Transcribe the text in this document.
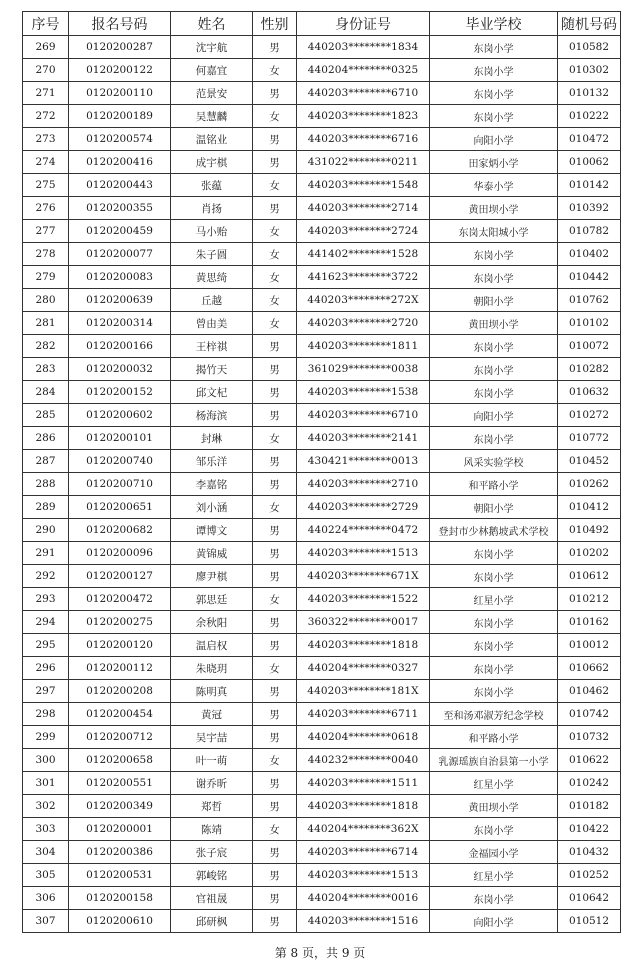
序号	报名号码	姓名	性别	身份证号	毕业学校	随机号码
269	0120200287	沈宇航	男	440203********1834	东岗小学	010582
270	0120200122	何嘉宜	女	440204********0325	东岗小学	010302
271	0120200110	范景安	男	440203********6710	东岗小学	010132
272	0120200189	吴慧麟	女	440203********1823	东岗小学	010222
273	0120200574	温铭业	男	440203********6716	向阳小学	010472
274	0120200416	成宇棋	男	431022********0211	田家炳小学	010062
275	0120200443	张蕴	女	440203********1548	华泰小学	010142
276	0120200355	肖扬	男	440203********2714	黄田坝小学	010392
277	0120200459	马小贻	女	440203********2724	东岗太阳城小学	010782
278	0120200077	朱子圆	女	441402********1528	东岗小学	010402
279	0120200083	黄思绮	女	441623********3722	东岗小学	010442
280	0120200639	丘越	女	440203********272X	朝阳小学	010762
281	0120200314	曾由美	女	440203********2720	黄田坝小学	010102
282	0120200166	王梓祺	男	440203********1811	东岗小学	010072
283	0120200032	揭竹天	男	361029********0038	东岗小学	010282
284	0120200152	邱文杞	男	440203********1538	东岗小学	010632
285	0120200602	杨海滨	男	440203********6710	向阳小学	010272
286	0120200101	封琳	女	440203********2141	东岗小学	010772
287	0120200740	邹乐洋	男	430421********0013	风采实验学校	010452
288	0120200710	李嘉铭	男	440203********2710	和平路小学	010262
289	0120200651	刘小涵	女	440203********2729	朝阳小学	010412
290	0120200682	谭博文	男	440224********0472	登封市少林鹅坡武术学校	010492
291	0120200096	黄锦威	男	440203********1513	东岗小学	010202
292	0120200127	廖尹棋	男	440203********671X	东岗小学	010612
293	0120200472	郭思廷	女	440203********1522	红星小学	010212
294	0120200275	余秋阳	男	360322********0017	东岗小学	010162
295	0120200120	温启权	男	440203********1818	东岗小学	010012
296	0120200112	朱晓玥	女	440204********0327	东岗小学	010662
297	0120200208	陈明真	男	440203********181X	东岗小学	010462
298	0120200454	黄冠	男	440203********6711	至和汤邓淑芳纪念学校	010742
299	0120200712	吴宇喆	男	440204********0618	和平路小学	010732
300	0120200658	叶一萌	女	440232********0040	乳源瑶族自治县第一小学	010622
301	0120200551	谢乔昕	男	440203********1511	红星小学	010242
302	0120200349	郑哲	男	440203********1818	黄田坝小学	010182
303	0120200001	陈靖	女	440204********362X	东岗小学	010422
304	0120200386	张子宸	男	440203********6714	金福园小学	010432
305	0120200531	郭峻铭	男	440203********1513	红星小学	010252
306	0120200158	官祖晟	男	440204********0016	东岗小学	010642
307	0120200610	邱研枫	男	440203********1516	向阳小学	010512
第 8 页，共 9 页
